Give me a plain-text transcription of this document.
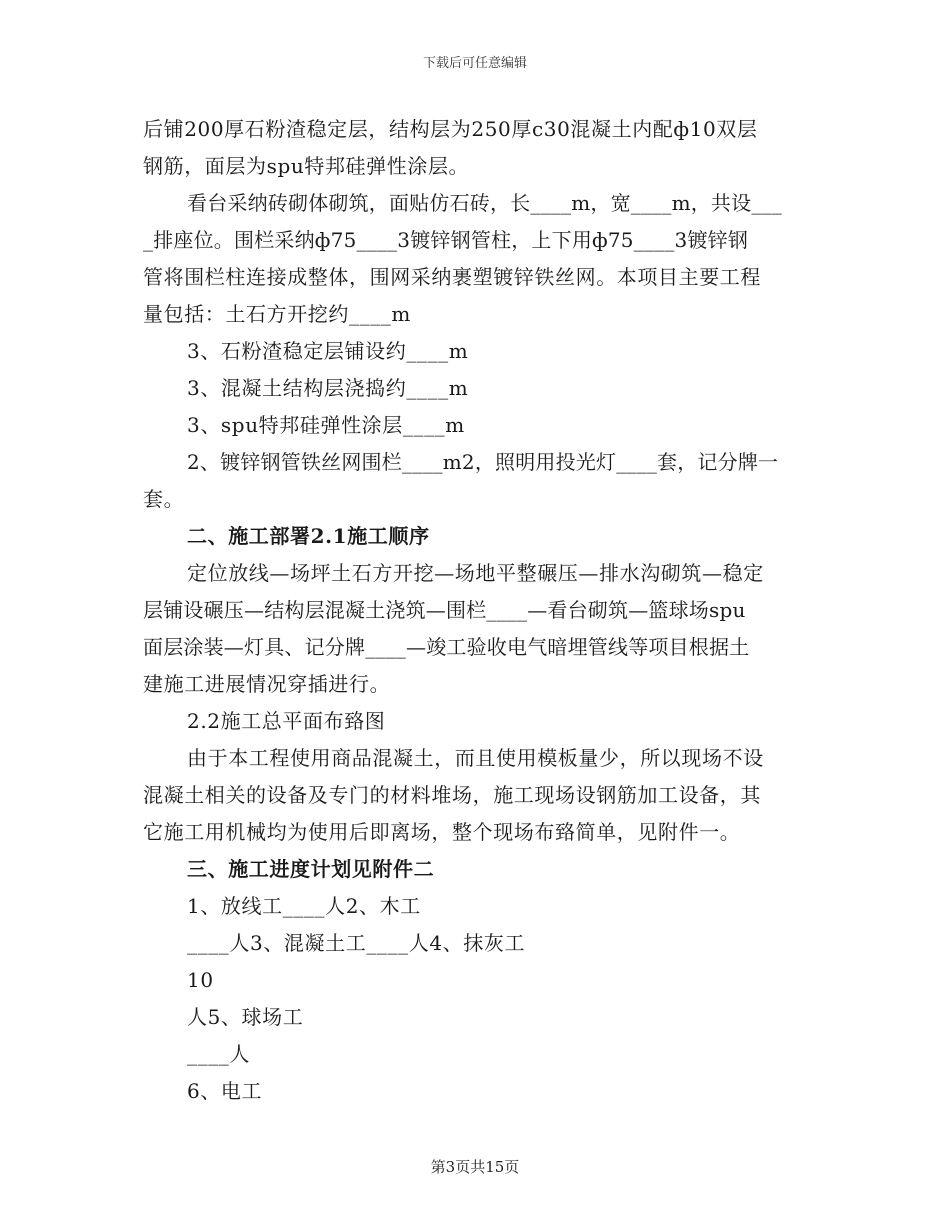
下载后可任意编辑
后铺200厚石粉渣稳定层，结构层为250厚c30混凝土内配ф10双层
钢筋，面层为spu特邦硅弹性涂层。
看台采纳砖砌体砌筑，面贴仿石砖，长____m，宽____m，共设___
_排座位。围栏采纳ф75____3镀锌钢管柱，上下用ф75____3镀锌钢
管将围栏柱连接成整体，围网采纳裹塑镀锌铁丝网。本项目主要工程
量包括：土石方开挖约____m
3、石粉渣稳定层铺设约____m
3、混凝土结构层浇捣约____m
3、spu特邦硅弹性涂层____m
2、镀锌钢管铁丝网围栏____m2，照明用投光灯____套，记分牌一
套。
二、施工部署2.1施工顺序
定位放线—场坪土石方开挖—场地平整碾压—排水沟砌筑—稳定
层铺设碾压—结构层混凝土浇筑—围栏____—看台砌筑—篮球场spu
面层涂装—灯具、记分牌____—竣工验收电气暗埋管线等项目根据土
建施工进展情况穿插进行。
2.2施工总平面布臵图
由于本工程使用商品混凝土，而且使用模板量少，所以现场不设
混凝土相关的设备及专门的材料堆场，施工现场设钢筋加工设备，其
它施工用机械均为使用后即离场，整个现场布臵简单，见附件一。
三、施工进度计划见附件二
1、放线工____人2、木工
____人3、混凝土工____人4、抹灰工
10
人5、球场工
____人
6、电工
第3页共15页
